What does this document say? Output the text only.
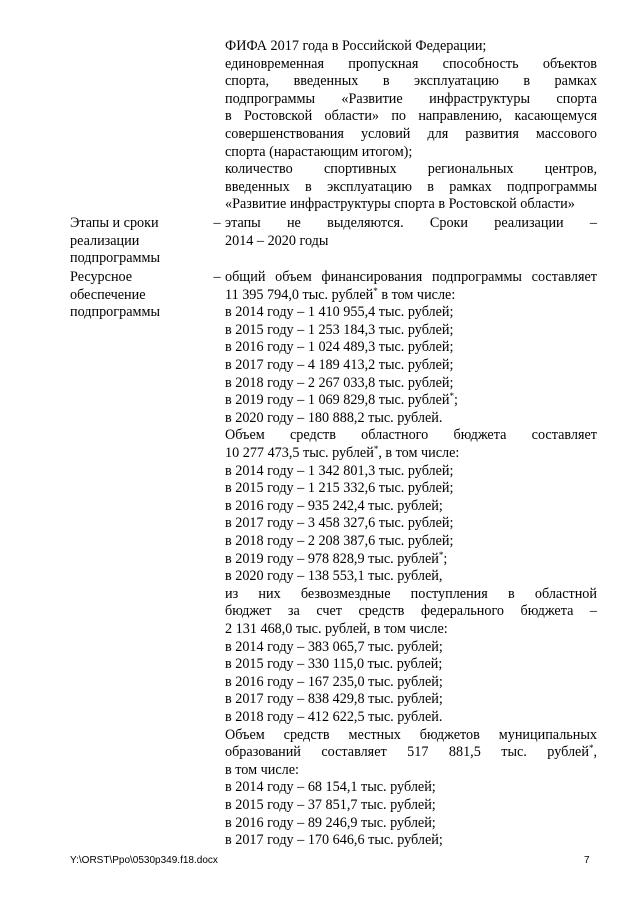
ФИФА 2017 года в Российской Федерации;
единовременная пропускная способность объектов
спорта, введенных в эксплуатацию в рамках
подпрограммы «Развитие инфраструктуры спорта
в Ростовской области» по направлению, касающемуся
совершенствования условий для развития массового
спорта (нарастающим итогом);
количество спортивных региональных центров,
введенных в эксплуатацию в рамках подпрограммы
«Развитие инфраструктуры спорта в Ростовской области»
Этапы и сроки
реализации
подпрограммы
– этапы не выделяются. Сроки реализации –
2014 – 2020 годы
Ресурсное
обеспечение
подпрограммы
– общий объем финансирования подпрограммы составляет
11 395 794,0 тыс. рублей* в том числе:
в 2014 году – 1 410 955,4 тыс. рублей;
в 2015 году – 1 253 184,3 тыс. рублей;
в 2016 году – 1 024 489,3 тыс. рублей;
в 2017 году – 4 189 413,2 тыс. рублей;
в 2018 году – 2 267 033,8 тыс. рублей;
в 2019 году – 1 069 829,8 тыс. рублей*;
в 2020 году – 180 888,2 тыс. рублей.
Объем средств областного бюджета составляет
10 277 473,5 тыс. рублей*, в том числе:
в 2014 году – 1 342 801,3 тыс. рублей;
в 2015 году – 1 215 332,6 тыс. рублей;
в 2016 году – 935 242,4 тыс. рублей;
в 2017 году – 3 458 327,6 тыс. рублей;
в 2018 году – 2 208 387,6 тыс. рублей;
в 2019 году – 978 828,9 тыс. рублей*;
в 2020 году – 138 553,1 тыс. рублей,
из них безвозмездные поступления в областной
бюджет за счет средств федерального бюджета –
2 131 468,0 тыс. рублей, в том числе:
в 2014 году – 383 065,7 тыс. рублей;
в 2015 году – 330 115,0 тыс. рублей;
в 2016 году – 167 235,0 тыс. рублей;
в 2017 году – 838 429,8 тыс. рублей;
в 2018 году – 412 622,5 тыс. рублей.
Объем средств местных бюджетов муниципальных
образований составляет 517 881,5 тыс. рублей*,
в том числе:
в 2014 году – 68 154,1 тыс. рублей;
в 2015 году – 37 851,7 тыс. рублей;
в 2016 году – 89 246,9 тыс. рублей;
в 2017 году – 170 646,6 тыс. рублей;
Y:\ORST\Ppo\0530p349.f18.docx	7
